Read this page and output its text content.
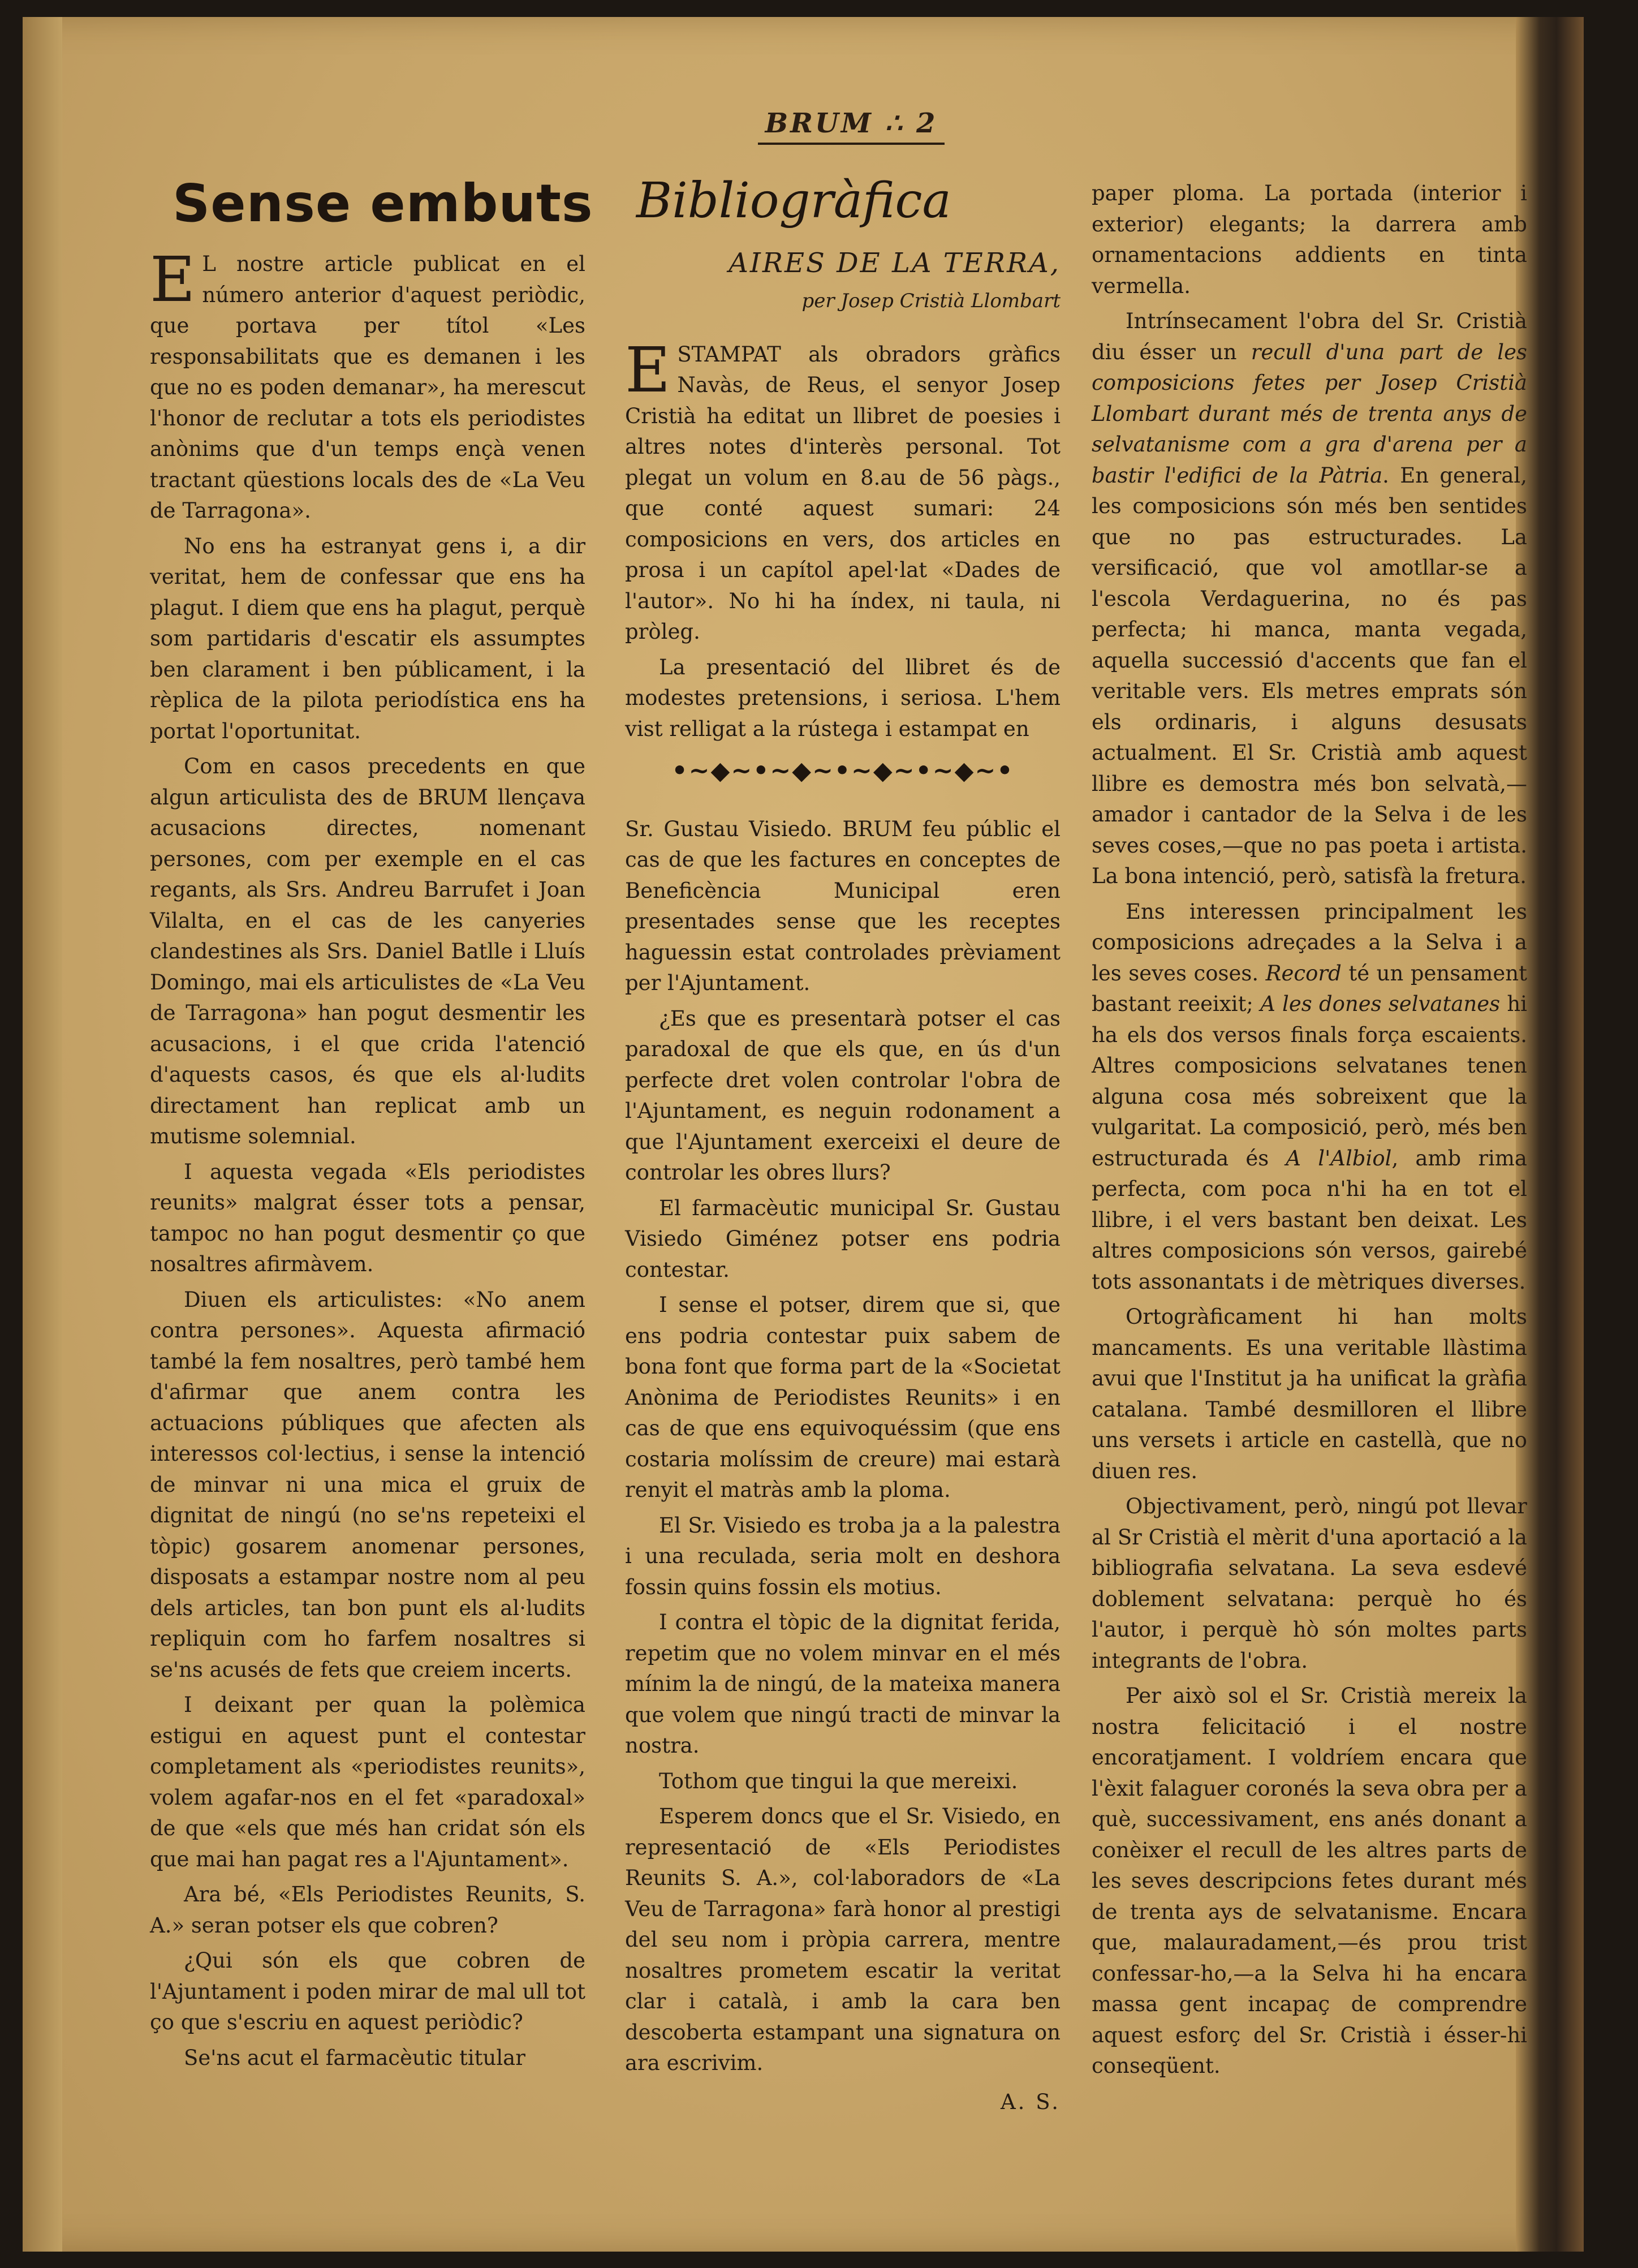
BRUM ∴ 2
Sense embuts

EL nostre article publicat en el número anterior d'aquest periòdic, que portava per títol «Les responsabilitats que es demanen i les que no es poden demanar», ha merescut l'honor de reclutar a tots els periodistes anònims que d'un temps ençà venen tractant qüestions locals des de «La Veu de Tarragona».

No ens ha estranyat gens i, a dir veritat, hem de confessar que ens ha plagut. I diem que ens ha plagut, perquè som partidaris d'escatir els assumptes ben clarament i ben públicament, i la rèplica de la pilota periodística ens ha portat l'oportunitat.

Com en casos precedents en que algun articulista des de BRUM llençava acusacions directes, nomenant persones, com per exemple en el cas regants, als Srs. Andreu Barrufet i Joan Vilalta, en el cas de les canyeries clandestines als Srs. Daniel Batlle i Lluís Domingo, mai els articulistes de «La Veu de Tarragona» han pogut desmentir les acusacions, i el que crida l'atenció d'aquests casos, és que els al·ludits directament han replicat amb un mutisme solemnial.

I aquesta vegada «Els periodistes reunits» malgrat ésser tots a pensar, tampoc no han pogut desmentir ço que nosaltres afirmàvem.

Diuen els articulistes: «No anem contra persones». Aquesta afirmació també la fem nosaltres, però també hem d'afirmar que anem contra les actuacions públiques que afecten als interessos col·lectius, i sense la intenció de minvar ni una mica el gruix de dignitat de ningú (no se'ns repeteixi el tòpic) gosarem anomenar persones, disposats a estampar nostre nom al peu dels articles, tan bon punt els al·ludits repliquin com ho farfem nosaltres si se'ns acusés de fets que creiem incerts.

I deixant per quan la polèmica estigui en aquest punt el contestar completament als «periodistes reunits», volem agafar-nos en el fet «paradoxal» de que «els que més han cridat són els que mai han pagat res a l'Ajuntament».

Ara bé, «Els Periodistes Reunits, S. A.» seran potser els que cobren?

¿Qui són els que cobren de l'Ajuntament i poden mirar de mal ull tot ço que s'escriu en aquest periòdic?

Se'ns acut el farmacèutic titular

Bibliogràfica
AIRES DE LA TERRA,
per Josep Cristià Llombart

ESTAMPAT als obradors gràfics Navàs, de Reus, el senyor Josep Cristià ha editat un llibret de poesies i altres notes d'interès personal. Tot plegat un volum en 8.au de 56 pàgs., que conté aquest sumari: 24 composicions en vers, dos articles en prosa i un capítol apel·lat «Dades de l'autor». No hi ha índex, ni taula, ni pròleg.

La presentació del llibret és de modestes pretensions, i seriosa. L'hem vist relligat a la rústega i estampat en

•~◆~•~◆~•~◆~•~◆~•

Sr. Gustau Visiedo. BRUM feu públic el cas de que les factures en conceptes de Beneficència Municipal eren presentades sense que les receptes haguessin estat controlades prèviament per l'Ajuntament.

¿Es que es presentarà potser el cas paradoxal de que els que, en ús d'un perfecte dret volen controlar l'obra de l'Ajuntament, es neguin rodonament a que l'Ajuntament exerceixi el deure de controlar les obres llurs?

El farmacèutic municipal Sr. Gustau Visiedo Giménez potser ens podria contestar.

I sense el potser, direm que si, que ens podria contestar puix sabem de bona font que forma part de la «Societat Anònima de Periodistes Reunits» i en cas de que ens equivoquéssim (que ens costaria molíssim de creure) mai estarà renyit el matràs amb la ploma.

El Sr. Visiedo es troba ja a la palestra i una reculada, seria molt en deshora fossin quins fossin els motius.

I contra el tòpic de la dignitat ferida, repetim que no volem minvar en el més mínim la de ningú, de la mateixa manera que volem que ningú tracti de minvar la nostra.

Tothom que tingui la que mereixi.

Esperem doncs que el Sr. Visiedo, en representació de «Els Periodistes Reunits S. A.», col·laboradors de «La Veu de Tarragona» farà honor al prestigi del seu nom i pròpia carrera, mentre nosaltres prometem escatir la veritat clar i català, i amb la cara ben descoberta estampant una signatura on ara escrivim.

A. S.

paper ploma. La portada (interior i exterior) elegants; la darrera amb ornamentacions addients en tinta vermella.

Intrínsecament l'obra del Sr. Cristià diu ésser un recull d'una part de les composicions fetes per Josep Cristià Llombart durant més de trenta anys de selvatanisme com a gra d'arena per a bastir l'edifici de la Pàtria. En general, les composicions són més ben sentides que no pas estructurades. La versificació, que vol amotllar-se a l'escola Verdaguerina, no és pas perfecta; hi manca, manta vegada, aquella successió d'accents que fan el veritable vers. Els metres emprats són els ordinaris, i alguns desusats actualment. El Sr. Cristià amb aquest llibre es demostra més bon selvatà,—amador i cantador de la Selva i de les seves coses,—que no pas poeta i artista. La bona intenció, però, satisfà la fretura.

Ens interessen principalment les composicions adreçades a la Selva i a les seves coses. Record té un pensament bastant reeixit; A les dones selvatanes hi ha els dos versos finals força escaients. Altres composicions selvatanes tenen alguna cosa més sobreixent que la vulgaritat. La composició, però, més ben estructurada és A l'Albiol, amb rima perfecta, com poca n'hi ha en tot el llibre, i el vers bastant ben deixat. Les altres composicions són versos, gairebé tots assonantats i de mètriques diverses.

Ortogràficament hi han molts mancaments. Es una veritable llàstima avui que l'Institut ja ha unificat la gràfia catalana. També desmilloren el llibre uns versets i article en castellà, que no diuen res.

Objectivament, però, ningú pot llevar al Sr Cristià el mèrit d'una aportació a la bibliografia selvatana. La seva esdevé doblement selvatana: perquè ho és l'autor, i perquè hò són moltes parts integrants de l'obra.

Per això sol el Sr. Cristià mereix la nostra felicitació i el nostre encoratjament. I voldríem encara que l'èxit falaguer coronés la seva obra per a què, successivament, ens anés donant a conèixer el recull de les altres parts de les seves descripcions fetes durant més de trenta ays de selvatanisme. Encara que, malauradament,—és prou trist confessar-ho,—a la Selva hi ha encara massa gent incapaç de comprendre aquest esforç del Sr. Cristià i ésser-hi conseqüent.
